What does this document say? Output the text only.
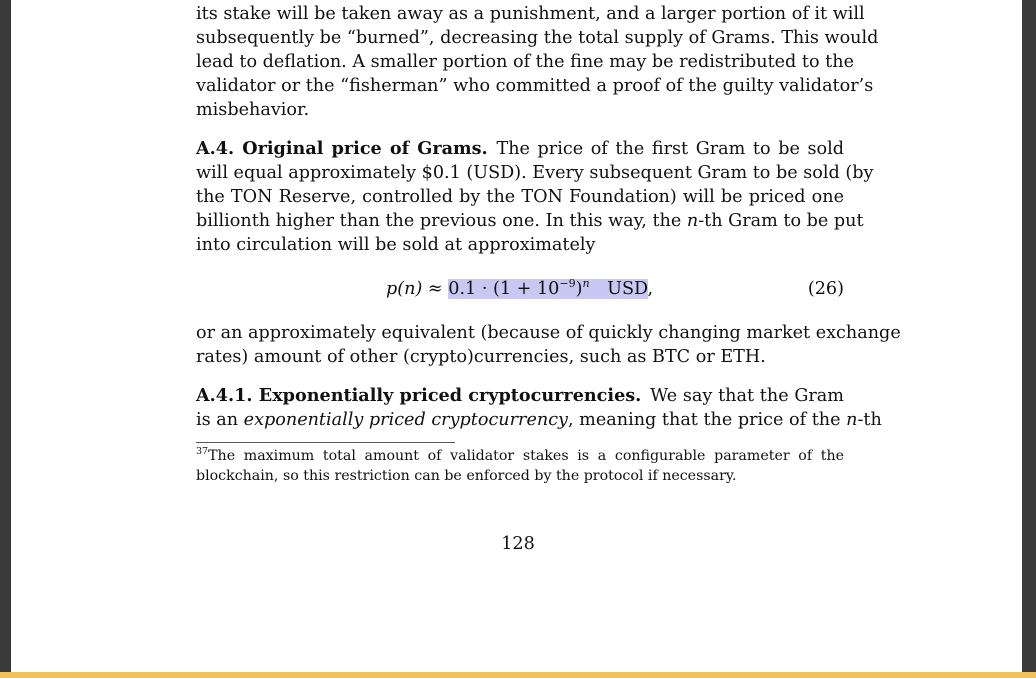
its stake will be taken away as a punishment, and a larger portion of it will
subsequently be “burned”, decreasing the total supply of Grams. This would
lead to deflation. A smaller portion of the fine may be redistributed to the
validator or the “fisherman” who committed a proof of the guilty validator’s
misbehavior.
A.4. Original price of Grams.  The price of the first Gram to be sold
will equal approximately $0.1 (USD). Every subsequent Gram to be sold (by
the TON Reserve, controlled by the TON Foundation) will be priced one
billionth higher than the previous one. In this way, the n-th Gram to be put
into circulation will be sold at approximately
$p(n) \approx 0.1 \cdot (1 + 10^{-9})^n$  USD,	(26)
or an approximately equivalent (because of quickly changing market exchange
rates) amount of other (crypto)currencies, such as BTC or ETH.
A.4.1. Exponentially priced cryptocurrencies.  We say that the Gram
is an exponentially priced cryptocurrency, meaning that the price of the n-th
$^{37}$The maximum total amount of validator stakes is a configurable parameter of the
blockchain, so this restriction can be enforced by the protocol if necessary.
128
